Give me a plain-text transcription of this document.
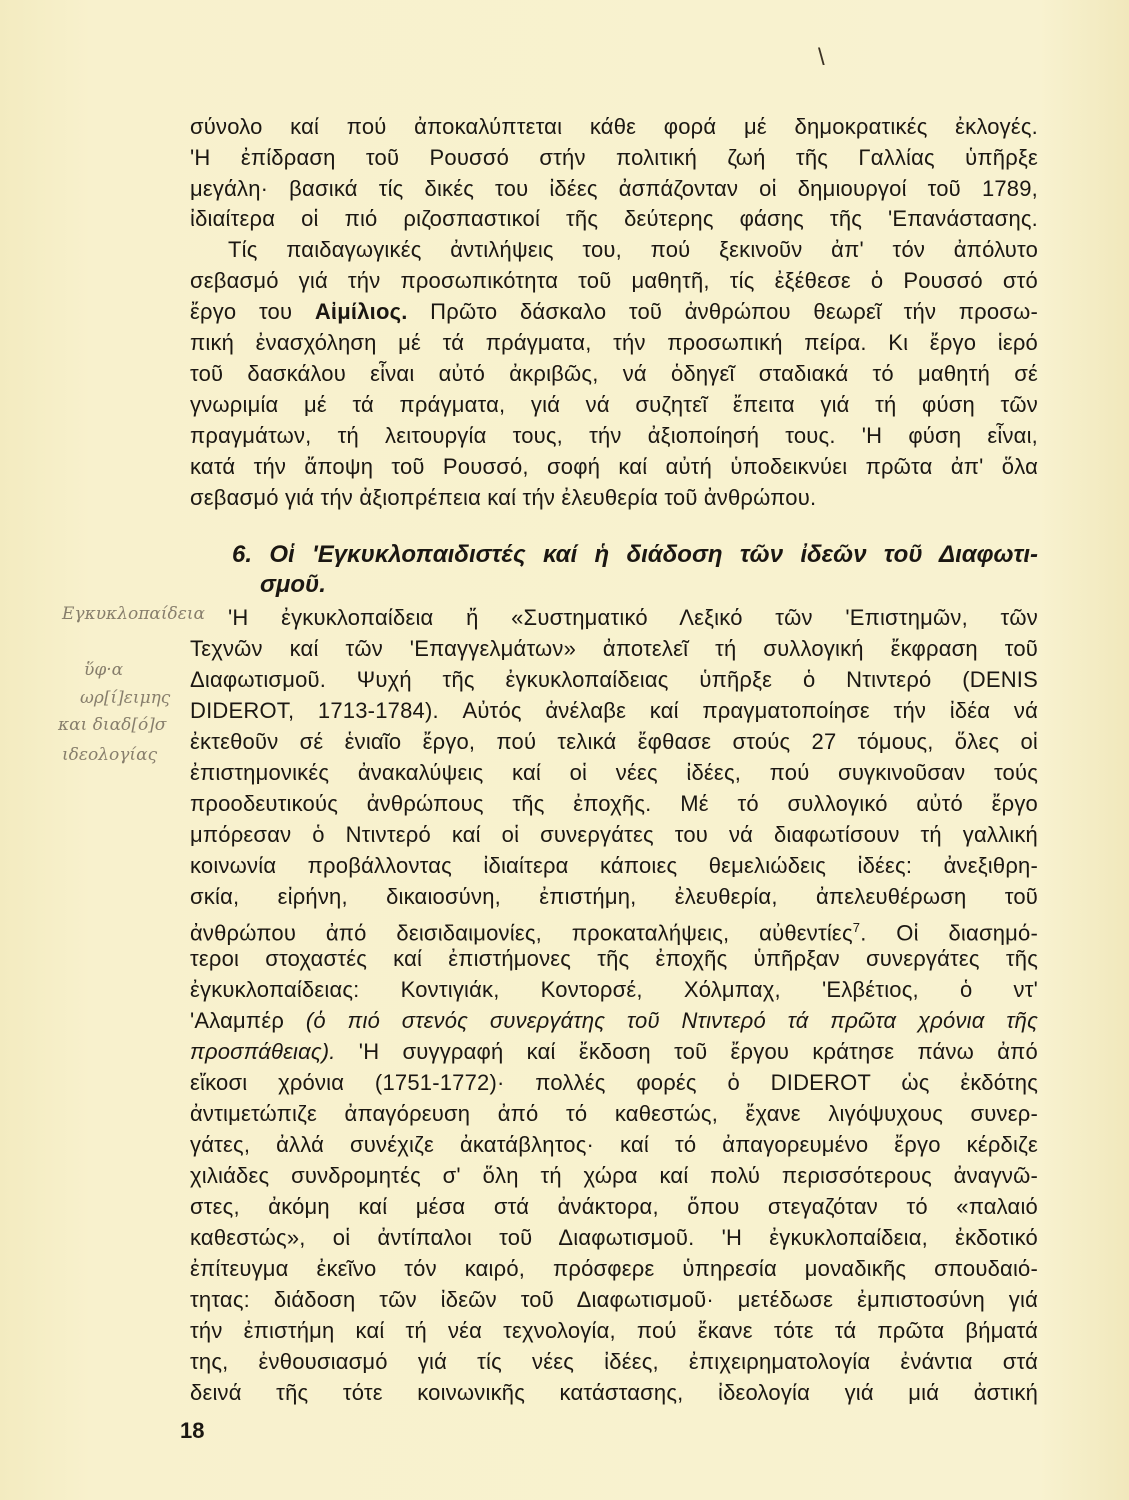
\
σύνολο καί πού ἀποκαλύπτεται κάθε φορά μέ δημοκρατικές ἐκλογές.
'Η ἐπίδραση τοῦ Ρουσσό στήν πολιτική ζωή τῆς Γαλλίας ὑπῆρξε
μεγάλη· βασικά τίς δικές του ἰδέες ἀσπάζονταν οἱ δημιουργοί τοῦ 1789,
ἰδιαίτερα οἱ πιό ριζοσπαστικοί τῆς δεύτερης φάσης τῆς 'Επανάστασης.
Τίς παιδαγωγικές ἀντιλήψεις του, πού ξεκινοῦν ἀπ' τόν ἀπόλυτο
σεβασμό γιά τήν προσωπικότητα τοῦ μαθητῆ, τίς ἐξέθεσε ὁ Ρουσσό στό
ἔργο του Αἰμίλιος. Πρῶτο δάσκαλο τοῦ ἀνθρώπου θεωρεῖ τήν προσω-
πική ἐνασχόληση μέ τά πράγματα, τήν προσωπική πείρα. Κι ἔργο ἱερό
τοῦ δασκάλου εἶναι αὐτό ἀκριβῶς, νά ὁδηγεῖ σταδιακά τό μαθητή σέ
γνωριμία μέ τά πράγματα, γιά νά συζητεῖ ἔπειτα γιά τή φύση τῶν
πραγμάτων, τή λειτουργία τους, τήν ἀξιοποίησή τους. 'Η φύση εἶναι,
κατά τήν ἄποψη τοῦ Ρουσσό, σοφή καί αὐτή ὑποδεικνύει πρῶτα ἀπ' ὅλα
σεβασμό γιά τήν ἀξιοπρέπεια καί τήν ἐλευθερία τοῦ ἀνθρώπου.
6. Οἱ 'Εγκυκλοπαιδιστές καί ἡ διάδοση τῶν ἰδεῶν τοῦ Διαφωτι-
σμοῦ.
'Η ἐγκυκλοπαίδεια ἤ «Συστηματικό Λεξικό τῶν 'Επιστημῶν, τῶν
Τεχνῶν καί τῶν 'Επαγγελμάτων» ἀποτελεῖ τή συλλογική ἔκφραση τοῦ
Διαφωτισμοῦ. Ψυχή τῆς ἐγκυκλοπαίδειας ὑπῆρξε ὁ Ντιντερό (DENIS
DIDEROT, 1713-1784). Αὐτός ἀνέλαβε καί πραγματοποίησε τήν ἰδέα νά
ἐκτεθοῦν σέ ἑνιαῖο ἔργο, πού τελικά ἔφθασε στούς 27 τόμους, ὅλες οἱ
ἐπιστημονικές ἀνακαλύψεις καί οἱ νέες ἰδέες, πού συγκινοῦσαν τούς
προοδευτικούς ἀνθρώπους τῆς ἐποχῆς. Μέ τό συλλογικό αὐτό ἔργο
μπόρεσαν ὁ Ντιντερό καί οἱ συνεργάτες του νά διαφωτίσουν τή γαλλική
κοινωνία προβάλλοντας ἰδιαίτερα κάποιες θεμελιώδεις ἰδέες: ἀνεξιθρη-
σκία, εἰρήνη, δικαιοσύνη, ἐπιστήμη, ἐλευθερία, ἀπελευθέρωση τοῦ
ἀνθρώπου ἀπό δεισιδαιμονίες, προκαταλήψεις, αὐθεντίες$^7$. Οἱ διασημό-
τεροι στοχαστές καί ἐπιστήμονες τῆς ἐποχῆς ὑπῆρξαν συνεργάτες τῆς
ἐγκυκλοπαίδειας: Κοντιγιάκ, Κοντορσέ, Χόλμπαχ, 'Ελβέτιος, ὁ ντ'
'Αλαμπέρ (ὁ πιό στενός συνεργάτης τοῦ Ντιντερό τά πρῶτα χρόνια τῆς
προσπάθειας). 'Η συγγραφή καί ἔκδοση τοῦ ἔργου κράτησε πάνω ἀπό
εἴκοσι χρόνια (1751-1772)· πολλές φορές ὁ DIDEROT ὡς ἐκδότης
ἀντιμετώπιζε ἀπαγόρευση ἀπό τό καθεστώς, ἔχανε λιγόψυχους συνερ-
γάτες, ἀλλά συνέχιζε ἀκατάβλητος· καί τό ἀπαγορευμένο ἔργο κέρδιζε
χιλιάδες συνδρομητές σ' ὅλη τή χώρα καί πολύ περισσότερους ἀναγνῶ-
στες, ἀκόμη καί μέσα στά ἀνάκτορα, ὅπου στεγαζόταν τό «παλαιό
καθεστώς», οἱ ἀντίπαλοι τοῦ Διαφωτισμοῦ. 'Η ἐγκυκλοπαίδεια, ἐκδοτικό
ἐπίτευγμα ἐκεῖνο τόν καιρό, πρόσφερε ὑπηρεσία μοναδικῆς σπουδαιό-
τητας: διάδοση τῶν ἰδεῶν τοῦ Διαφωτισμοῦ· μετέδωσε ἐμπιστοσύνη γιά
τήν ἐπιστήμη καί τή νέα τεχνολογία, πού ἔκανε τότε τά πρῶτα βήματά
της, ἐνθουσιασμό γιά τίς νέες ἰδέες, ἐπιχειρηματολογία ἐνάντια στά
δεινά τῆς τότε κοινωνικῆς κατάστασης, ἰδεολογία γιά μιά ἀστική
Εγκυκλοπαίδεια
ὕφ·α
ωρ[ί]ειμης
και διαδ[ό]σ
ιδεολογίας
18
